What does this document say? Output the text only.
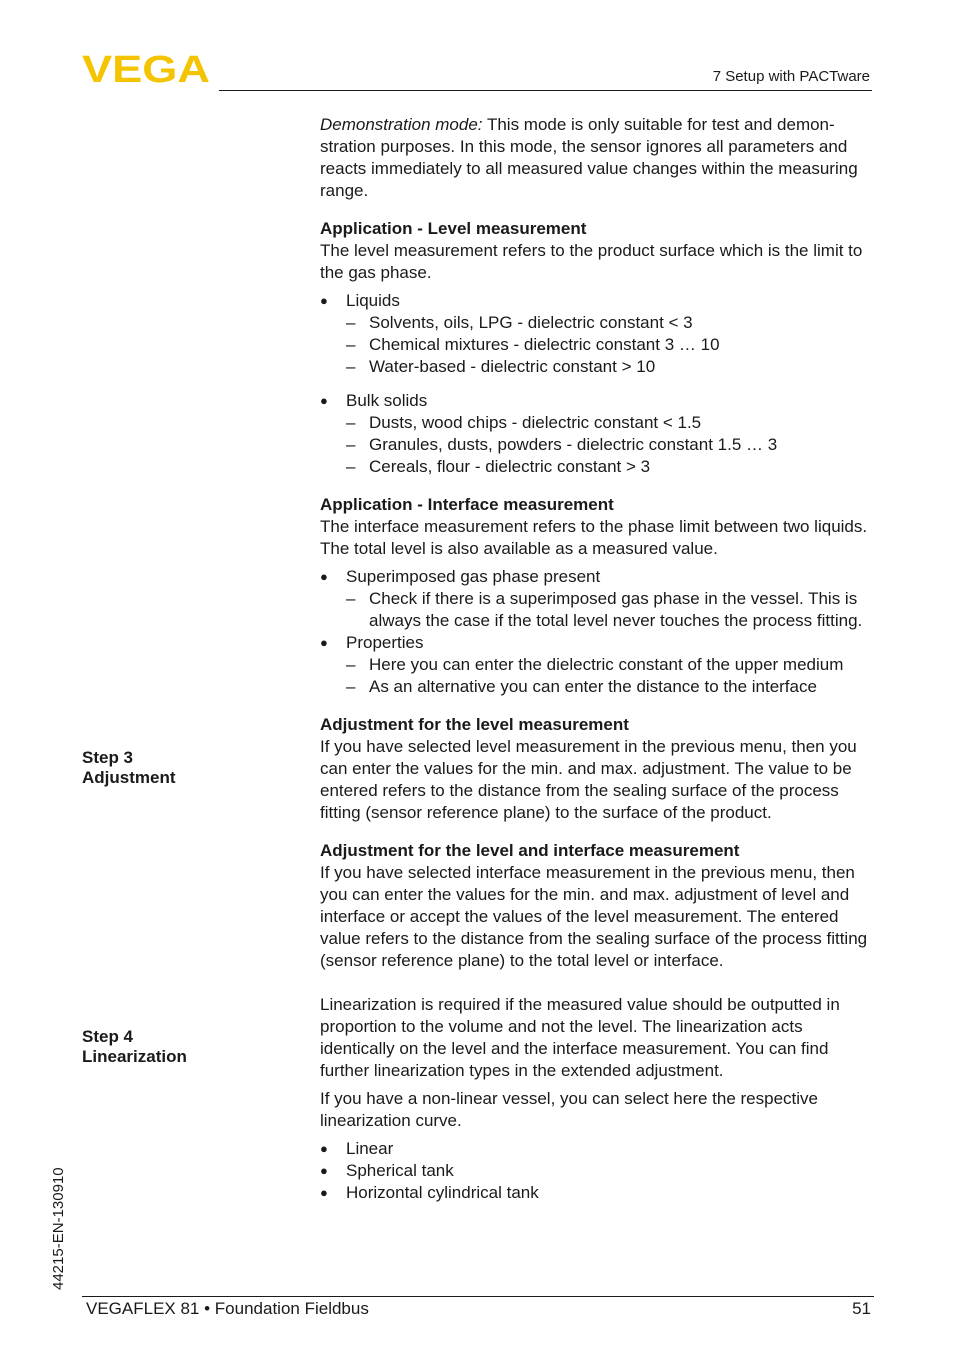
VEGA	7 Setup with PACTware
Step 3
Adjustment
Step 4
Linearization

Demonstration mode: This mode is only suitable for test and demon-stration purposes. In this mode, the sensor ignores all parameters and reacts immediately to all measured value changes within the measuring range.

Application - Level measurement

The level measurement refers to the product surface which is the limit to the gas phase.

● Liquids
– Solvents, oils, LPG - dielectric constant < 3
– Chemical mixtures - dielectric constant 3 … 10
– Water-based - dielectric constant > 10
● Bulk solids
– Dusts, wood chips - dielectric constant < 1.5
– Granules, dusts, powders - dielectric constant 1.5 … 3
– Cereals, flour - dielectric constant > 3

Application - Interface measurement

The interface measurement refers to the phase limit between two liquids. The total level is also available as a measured value.

● Superimposed gas phase present
– Check if there is a superimposed gas phase in the vessel. This is always the case if the total level never touches the process fitting.
● Properties
– Here you can enter the dielectric constant of the upper medium
– As an alternative you can enter the distance to the interface

Adjustment for the level measurement

If you have selected level measurement in the previous menu, then you can enter the values for the min. and max. adjustment. The value to be entered refers to the distance from the sealing surface of the process fitting (sensor reference plane) to the surface of the product.

Adjustment for the level and interface measurement

If you have selected interface measurement in the previous menu, then you can enter the values for the min. and max. adjustment of level and interface or accept the values of the level measurement. The entered value refers to the distance from the sealing surface of the process fitting (sensor reference plane) to the total level or interface.

Linearization is required if the measured value should be outputted in proportion to the volume and not the level. The linearization acts identically on the level and the interface measurement. You can find further linearization types in the extended adjustment.

If you have a non-linear vessel, you can select here the respective linearization curve.

● Linear
● Spherical tank
● Horizontal cylindrical tank
44215-EN-130910
VEGAFLEX 81 • Foundation Fieldbus	51
